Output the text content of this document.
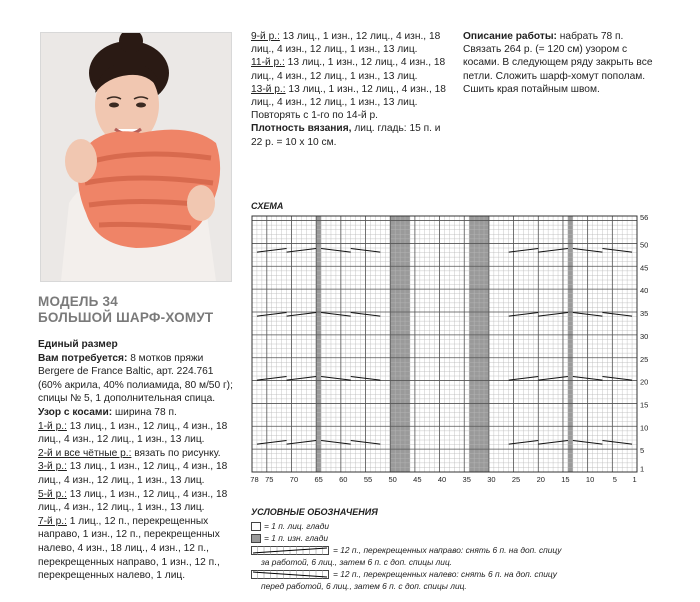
МОДЕЛЬ 34
БОЛЬШОЙ ШАРФ-ХОМУТ
Единый размер
Вам потребуется: 8 мотков пряжи Bergere de France Baltic, арт. 224.761 (60% акрила, 40% полиамида, 80 м/50 г); спицы № 5, 1 дополнительная спица.
Узор с косами: ширина 78 п.
1-й р.: 13 лиц., 1 изн., 12 лиц., 4 изн., 18 лиц., 4 изн., 12 лиц., 1 изн., 13 лиц.
2-й и все чётные р.: вязать по рисунку.
3-й р.: 13 лиц., 1 изн., 12 лиц., 4 изн., 18 лиц., 4 изн., 12 лиц., 1 изн., 13 лиц.
5-й р.: 13 лиц., 1 изн., 12 лиц., 4 изн., 18 лиц., 4 изн., 12 лиц., 1 изн., 13 лиц.
7-й р.: 1 лиц., 12 п., перекрещенных направо, 1 изн., 12 п., перекрещенных налево, 4 изн., 18 лиц., 4 изн., 12 п., перекрещенных направо, 1 изн., 12 п., перекрещенных налево, 1 лиц.
9-й р.: 13 лиц., 1 изн., 12 лиц., 4 изн., 18 лиц., 4 изн., 12 лиц., 1 изн., 13 лиц.
11-й р.: 13 лиц., 1 изн., 12 лиц., 4 изн., 18 лиц., 4 изн., 12 лиц., 1 изн., 13 лиц.
13-й р.: 13 лиц., 1 изн., 12 лиц., 4 изн., 18 лиц., 4 изн., 12 лиц., 1 изн., 13 лиц.
Повторять с 1-го по 14-й р.
Плотность вязания, лиц. гладь: 15 п. и 22 р. = 10 х 10 см.
Описание работы: набрать 78 п. Связать 264 р. (= 120 см) узором с косами. В следующем ряду закрыть все петли. Сложить шарф-хомут пополам. Сшить края потайным швом.
СХЕМА
78 75 70 65 60 55 50 45 40 35 30 25 20 15 10 5 1
56
50
45
40
35
30
25
20
15
10
5
1
УСЛОВНЫЕ ОБОЗНАЧЕНИЯ
= 1 п. лиц. глади
= 1 п. изн. глади
= 12 п., перекрещенных направо: снять 6 п. на доп. спицу
за работой, 6 лиц., затем 6 п. с доп. спицы лиц.
= 12 п., перекрещенных налево: снять 6 п. на доп. спицу
перед работой, 6 лиц., затем 6 п. с доп. спицы лиц.
